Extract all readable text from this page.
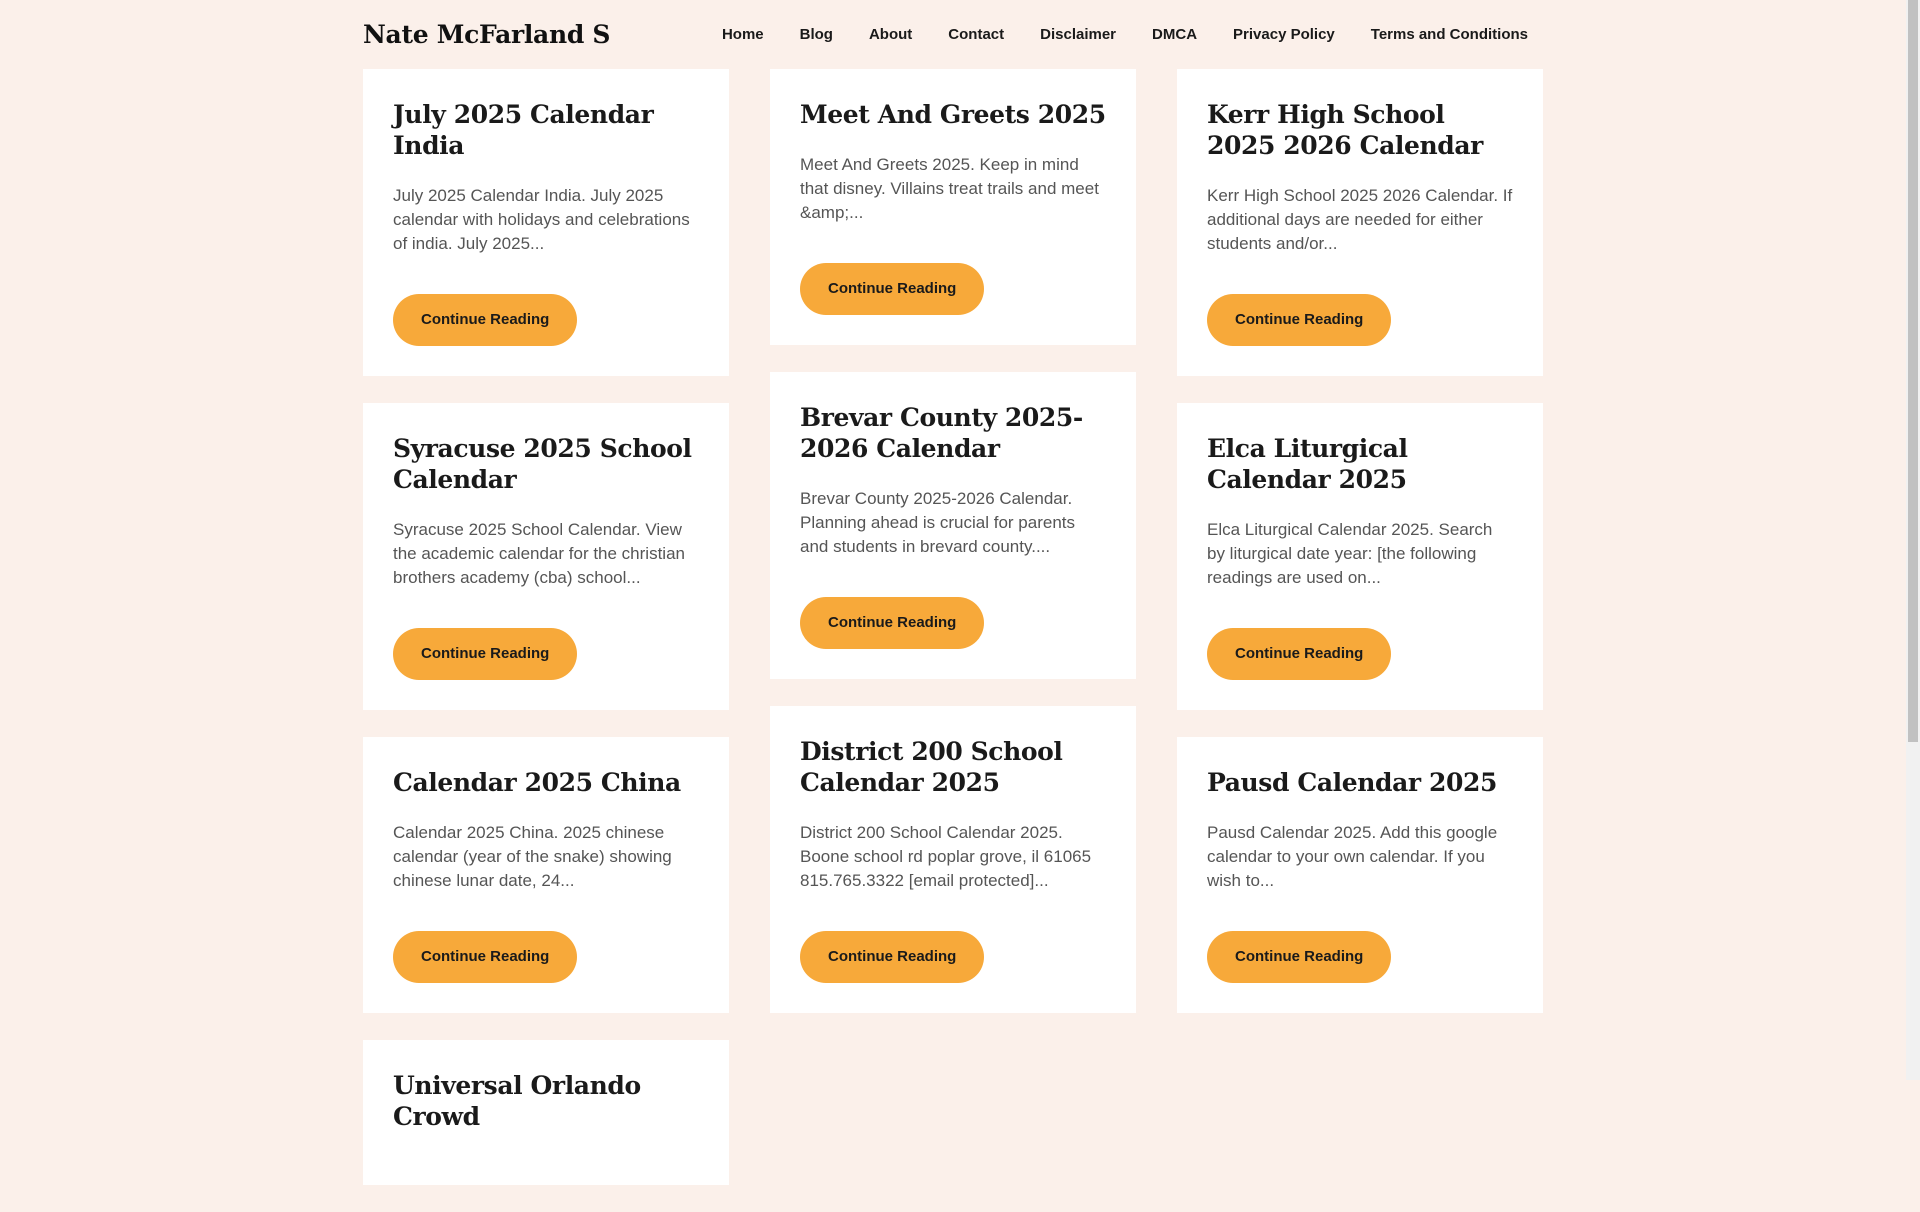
Nate McFarland S	Home	Blog	About	Contact	Disclaimer	DMCA	Privacy Policy	Terms and Conditions
July 2025 Calendar India

July 2025 Calendar India. July 2025 calendar with holidays and celebrations of india. July 2025...

Continue Reading
Syracuse 2025 School Calendar

Syracuse 2025 School Calendar. View the academic calendar for the christian brothers academy (cba) school...

Continue Reading
Calendar 2025 China

Calendar 2025 China. 2025 chinese calendar (year of the snake) showing chinese lunar date, 24...

Continue Reading
Universal Orlando Crowd
Meet And Greets 2025

Meet And Greets 2025. Keep in mind that disney. Villains treat trails and meet &amp;...

Continue Reading
Brevar County 2025-2026 Calendar

Brevar County 2025-2026 Calendar. Planning ahead is crucial for parents and students in brevard county....

Continue Reading
District 200 School Calendar 2025

District 200 School Calendar 2025. Boone school rd poplar grove, il 61065 815.765.3322 [email protected]...

Continue Reading
Kerr High School 2025 2026 Calendar

Kerr High School 2025 2026 Calendar. If additional days are needed for either students and/or...

Continue Reading
Elca Liturgical Calendar 2025

Elca Liturgical Calendar 2025. Search by liturgical date year: [the following readings are used on...

Continue Reading
Pausd Calendar 2025

Pausd Calendar 2025. Add this google calendar to your own calendar. If you wish to...

Continue Reading
